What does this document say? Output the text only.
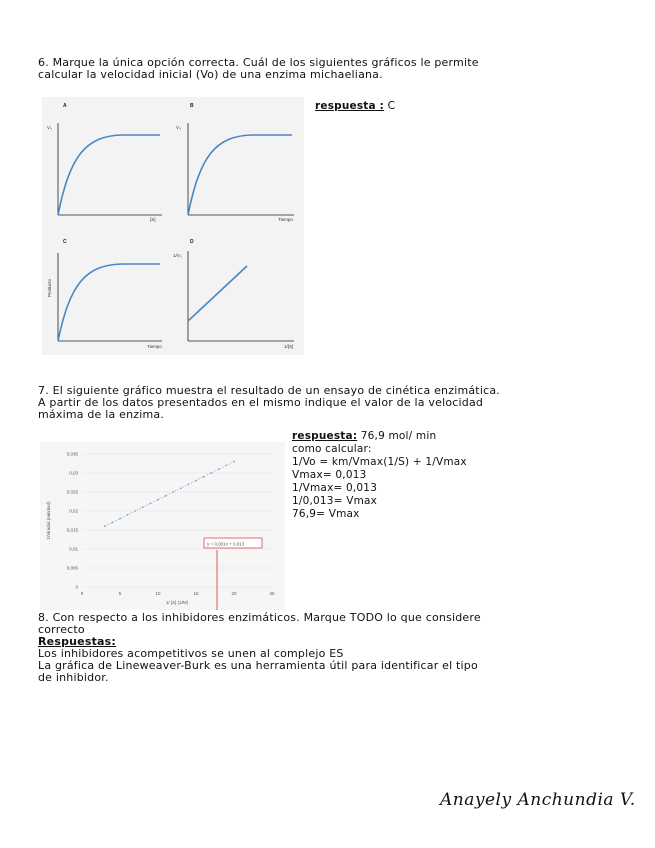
6. Marque la única opción correcta. Cuál de los siguientes gráficos le permite
calcular la velocidad inicial (Vo) de una enzima michaeliana.
A
V₀
[S]
B
V₀
Tiempo
C
Producto
Tiempo
D
1/V₀
1/[S]
respuesta : C
7. El siguiente gráfico muestra el resultado de un ensayo de cinética enzimática.
A partir de los datos presentados en el mismo indique el valor de la velocidad
máxima de la enzima.
respuesta: 76,9 mol/ min
como calcular:
1/Vo = km/Vmax(1/S) + 1/Vmax
Vmax= 0,013
1/Vmax= 0,013
1/0,013= Vmax
76,9= Vmax
0
0,005
0,01
0,015
0,02
0,025
0,03
0,035
0	5	10	15	20	25
1/Vinicial (min/mol)
1/ [S] (1/M)
y = 0,001x + 0,013
8. Con respecto a los inhibidores enzimáticos. Marque TODO lo que considere
correcto
Respuestas:
Los inhibidores acompetitivos se unen al complejo ES
La gráfica de Lineweaver-Burk es una herramienta útil para identificar el tipo
de inhibidor.
Anayely Anchundia V.
